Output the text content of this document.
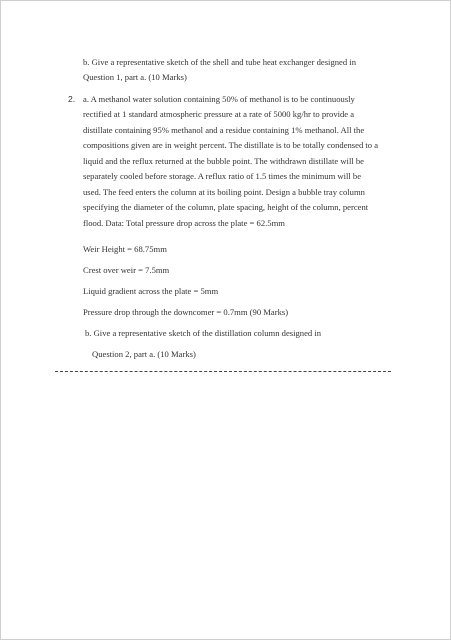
b. Give a representative sketch of the shell and tube heat exchanger designed in
Question 1, part a. (10 Marks)
2. a. A methanol water solution containing 50% of methanol is to be continuously
rectified at 1 standard atmospheric pressure at a rate of 5000 kg/hr to provide a
distillate containing 95% methanol and a residue containing 1% methanol. All the
compositions given are in weight percent. The distillate is to be totally condensed to a
liquid and the reflux returned at the bubble point. The withdrawn distillate will be
separately cooled before storage. A reflux ratio of 1.5 times the minimum will be
used. The feed enters the column at its boiling point. Design a bubble tray column
specifying the diameter of the column, plate spacing, height of the column, percent
flood. Data: Total pressure drop across the plate = 62.5mm
Weir Height = 68.75mm
Crest over weir = 7.5mm
Liquid gradient across the plate = 5mm
Pressure drop through the downcomer = 0.7mm (90 Marks)
b. Give a representative sketch of the distillation column designed in
Question 2, part a. (10 Marks)
